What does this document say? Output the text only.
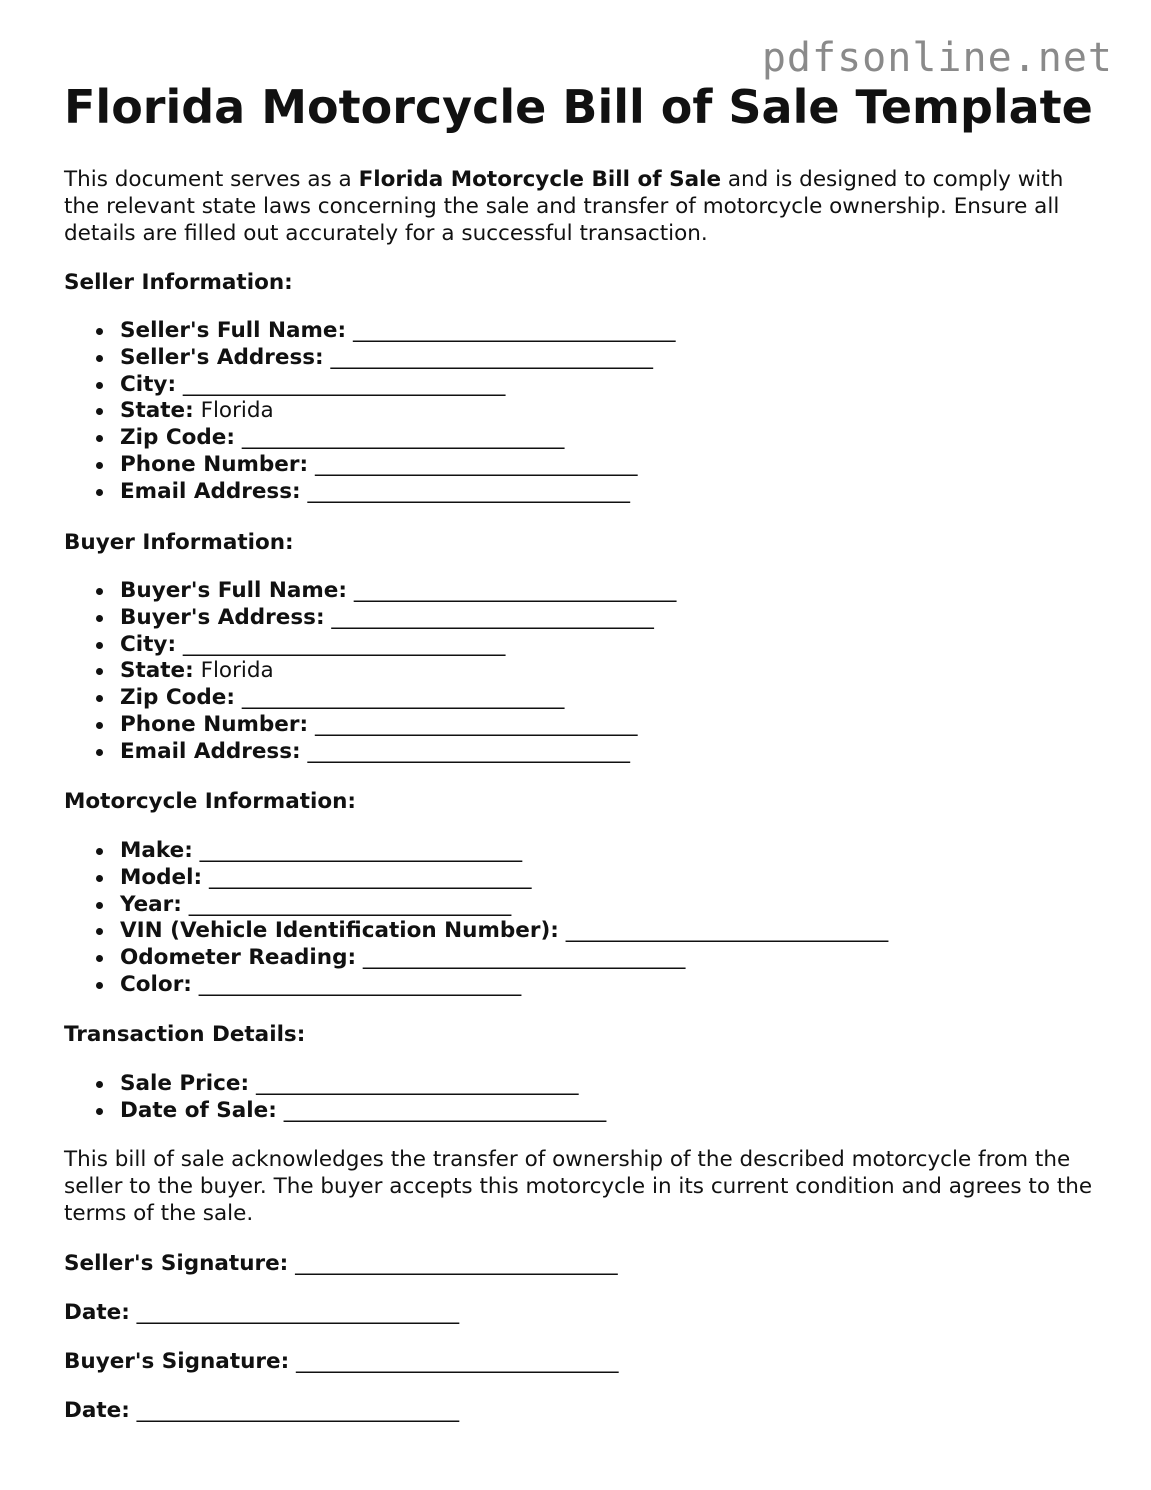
pdfsonline.net
Florida Motorcycle Bill of Sale Template

This document serves as a Florida Motorcycle Bill of Sale and is designed to comply with the relevant state laws concerning the sale and transfer of motorcycle ownership. Ensure all details are filled out accurately for a successful transaction.

Seller Information:

Seller's Full Name: ______________________________
Seller's Address: ______________________________
City: ______________________________
State: Florida
Zip Code: ______________________________
Phone Number: ______________________________
Email Address: ______________________________

Buyer Information:

Buyer's Full Name: ______________________________
Buyer's Address: ______________________________
City: ______________________________
State: Florida
Zip Code: ______________________________
Phone Number: ______________________________
Email Address: ______________________________

Motorcycle Information:

Make: ______________________________
Model: ______________________________
Year: ______________________________
VIN (Vehicle Identification Number): ______________________________
Odometer Reading: ______________________________
Color: ______________________________

Transaction Details:

Sale Price: ______________________________
Date of Sale: ______________________________

This bill of sale acknowledges the transfer of ownership of the described motorcycle from the seller to the buyer. The buyer accepts this motorcycle in its current condition and agrees to the terms of the sale.

Seller's Signature: ______________________________

Date: ______________________________

Buyer's Signature: ______________________________

Date: ______________________________
